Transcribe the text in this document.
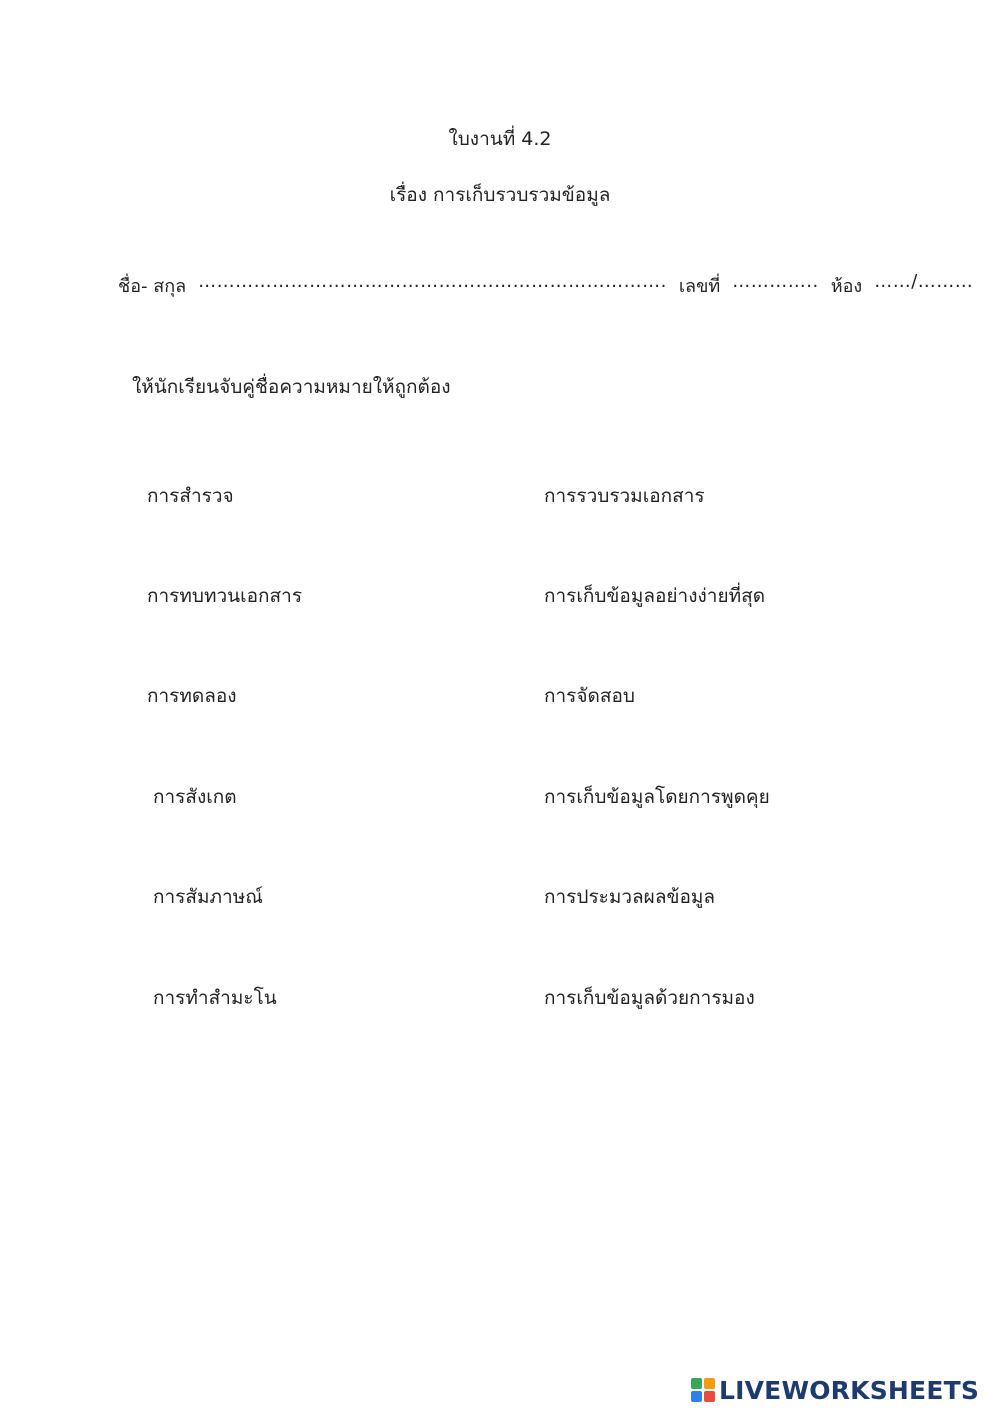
ใบงานที่ 4.2
เรื่อง การเก็บรวบรวมข้อมูล
ชื่อ- สกุล …………………………………………………………………. เลขที่ ………….. ห้อง ……/………
ให้นักเรียนจับคู่ชื่อความหมายให้ถูกต้อง
การสำรวจ
การทบทวนเอกสาร
การทดลอง
การสังเกต
การสัมภาษณ์
การทำสำมะโน
การรวบรวมเอกสาร
การเก็บข้อมูลอย่างง่ายที่สุด
การจัดสอบ
การเก็บข้อมูลโดยการพูดคุย
การประมวลผลข้อมูล
การเก็บข้อมูลด้วยการมอง
LIVEWORKSHEETS
